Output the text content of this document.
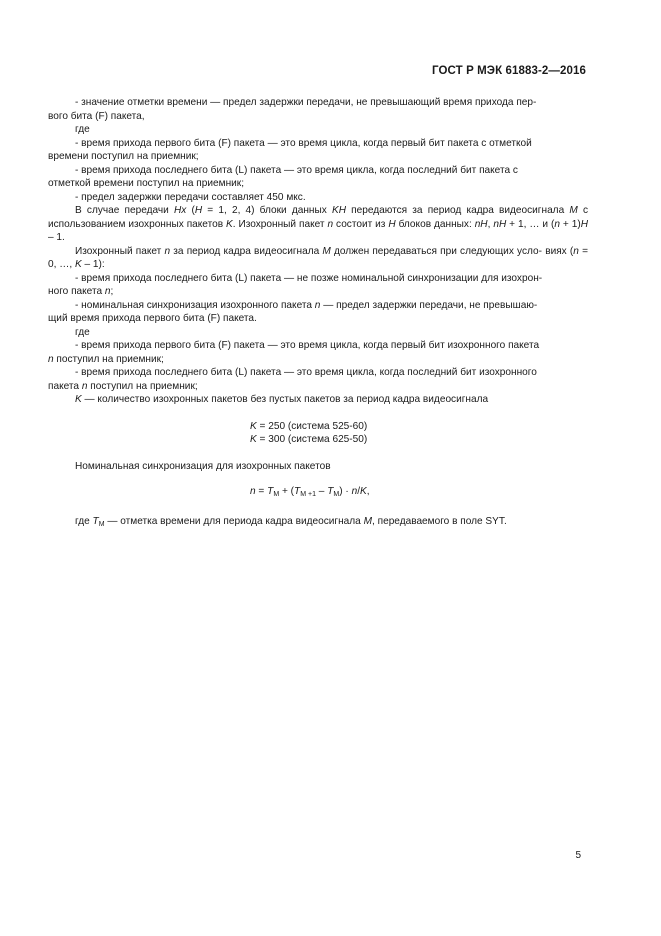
ГОСТ Р МЭК 61883-2—2016

- значение отметки времени — предел задержки передачи, не превышающий время прихода пер-

вого бита (F) пакета,

где

- время прихода первого бита (F) пакета — это время цикла, когда первый бит пакета с отметкой

времени поступил на приемник;

- время прихода последнего бита (L) пакета — это время цикла, когда последний бит пакета с

отметкой времени поступил на приемник;

- предел задержки передачи составляет 450 мкс.

В случае передачи Hx (H = 1, 2, 4) блоки данных KH передаются за период кадра видеосигнала M с использованием изохронных пакетов K. Изохронный пакет n состоит из H блоков данных: nH, nH + 1, … и (n + 1)H – 1.

Изохронный пакет n за период кадра видеосигнала M должен передаваться при следующих усло- виях (n = 0, …, K – 1):

- время прихода последнего бита (L) пакета — не позже номинальной синхронизации для изохрон-

ного пакета n;

- номинальная синхронизация изохронного пакета n — предел задержки передачи, не превышаю-

щий время прихода первого бита (F) пакета.

где

- время прихода первого бита (F) пакета — это время цикла, когда первый бит изохронного пакета

n поступил на приемник;

- время прихода последнего бита (L) пакета — это время цикла, когда последний бит изохронного

пакета n поступил на приемник;

K — количество изохронных пакетов без пустых пакетов за период кадра видеосигнала

K = 250 (система 525-60)

K = 300 (система 625-50)

Номинальная синхронизация для изохронных пакетов

$n = T_M + (T_{M +1} - T_M) \cdot n/K$,

где $T_M$ — отметка времени для периода кадра видеосигнала M, передаваемого в поле SYT.

5
